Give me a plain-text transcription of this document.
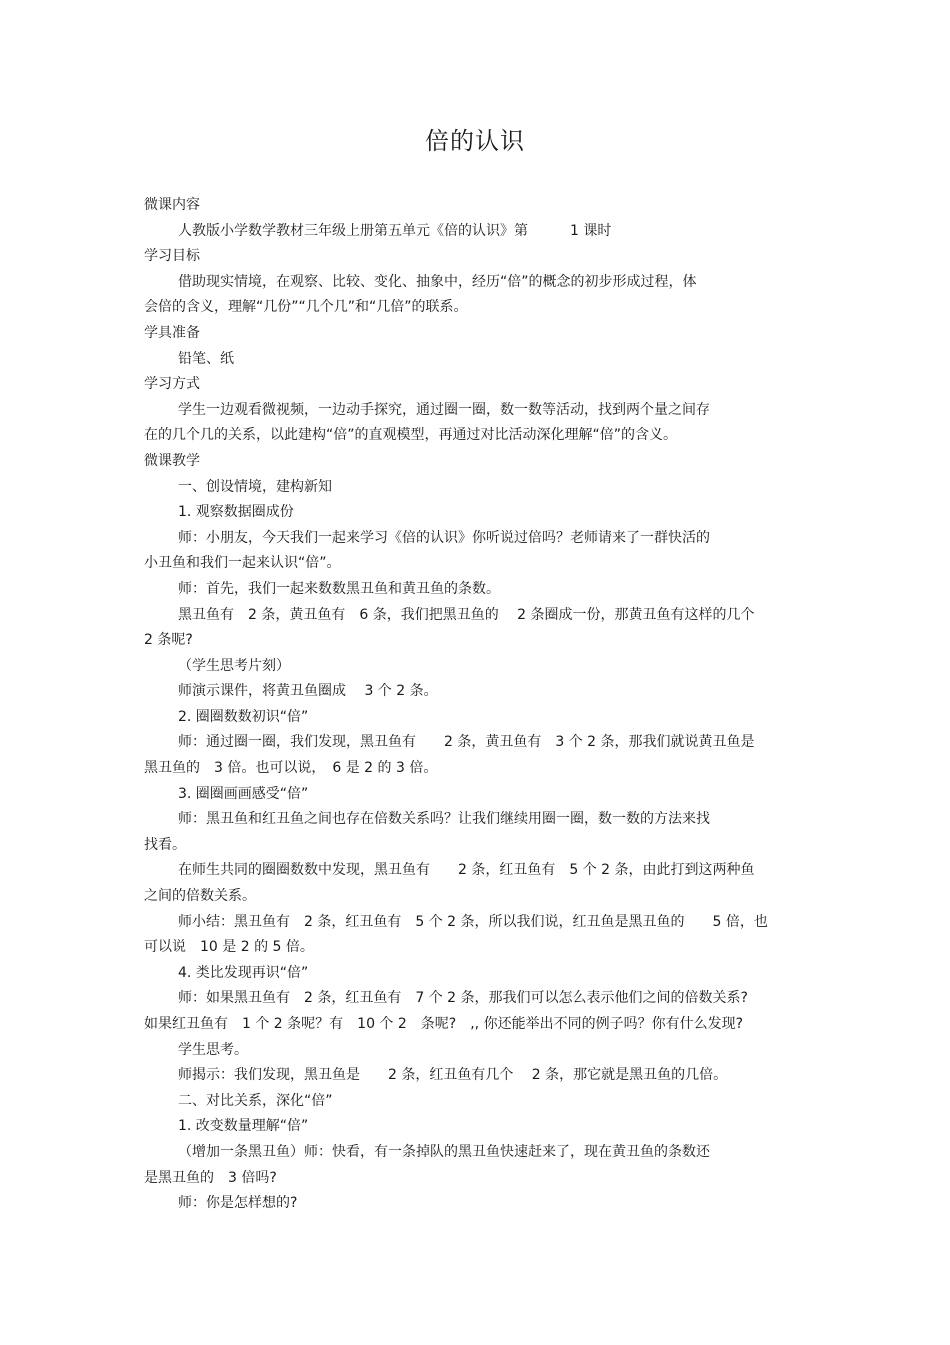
倍的认识
微课内容
人教版小学数学教材三年级上册第五单元《倍的认识》第　　　1 课时
学习目标
借助现实情境，在观察、比较、变化、抽象中，经历“倍”的概念的初步形成过程，体
会倍的含义，理解“几份”“几个几”和“几倍”的联系。
学具准备
铅笔、纸
学习方式
学生一边观看微视频，一边动手探究，通过圈一圈，数一数等活动，找到两个量之间存
在的几个几的关系，以此建构“倍”的直观模型，再通过对比活动深化理解“倍”的含义。
微课教学
一、创设情境，建构新知
1. 观察数据圈成份
师：小朋友，今天我们一起来学习《倍的认识》你听说过倍吗？老师请来了一群快活的
小丑鱼和我们一起来认识“倍”。
师：首先，我们一起来数数黑丑鱼和黄丑鱼的条数。
黑丑鱼有　2 条，黄丑鱼有　6 条，我们把黑丑鱼的　 2 条圈成一份，那黄丑鱼有这样的几个
2 条呢?
（学生思考片刻）
师演示课件，将黄丑鱼圈成　 3 个 2 条。
2. 圈圈数数初识“倍”
师：通过圈一圈，我们发现，黑丑鱼有　　2 条，黄丑鱼有　3 个 2 条，那我们就说黄丑鱼是
黑丑鱼的　3 倍。也可以说，　6 是 2 的 3 倍。
3. 圈圈画画感受“倍”
师：黑丑鱼和红丑鱼之间也存在倍数关系吗？让我们继续用圈一圈，数一数的方法来找
找看。
在师生共同的圈圈数数中发现，黑丑鱼有　　2 条，红丑鱼有　5 个 2 条，由此打到这两种鱼
之间的倍数关系。
师小结：黑丑鱼有　2 条，红丑鱼有　5 个 2 条，所以我们说，红丑鱼是黑丑鱼的　　5 倍，也
可以说　10 是 2 的 5 倍。
4. 类比发现再识“倍”
师：如果黑丑鱼有　2 条，红丑鱼有　7 个 2 条，那我们可以怎么表示他们之间的倍数关系?
如果红丑鱼有　1 个 2 条呢？有　10 个 2　条呢?　,, 你还能举出不同的例子吗？你有什么发现?
学生思考。
师揭示：我们发现，黑丑鱼是　　2 条，红丑鱼有几个　 2 条，那它就是黑丑鱼的几倍。
二、对比关系，深化“倍”
1. 改变数量理解“倍”
（增加一条黑丑鱼）师：快看，有一条掉队的黑丑鱼快速赶来了，现在黄丑鱼的条数还
是黑丑鱼的　3 倍吗?
师：你是怎样想的?
